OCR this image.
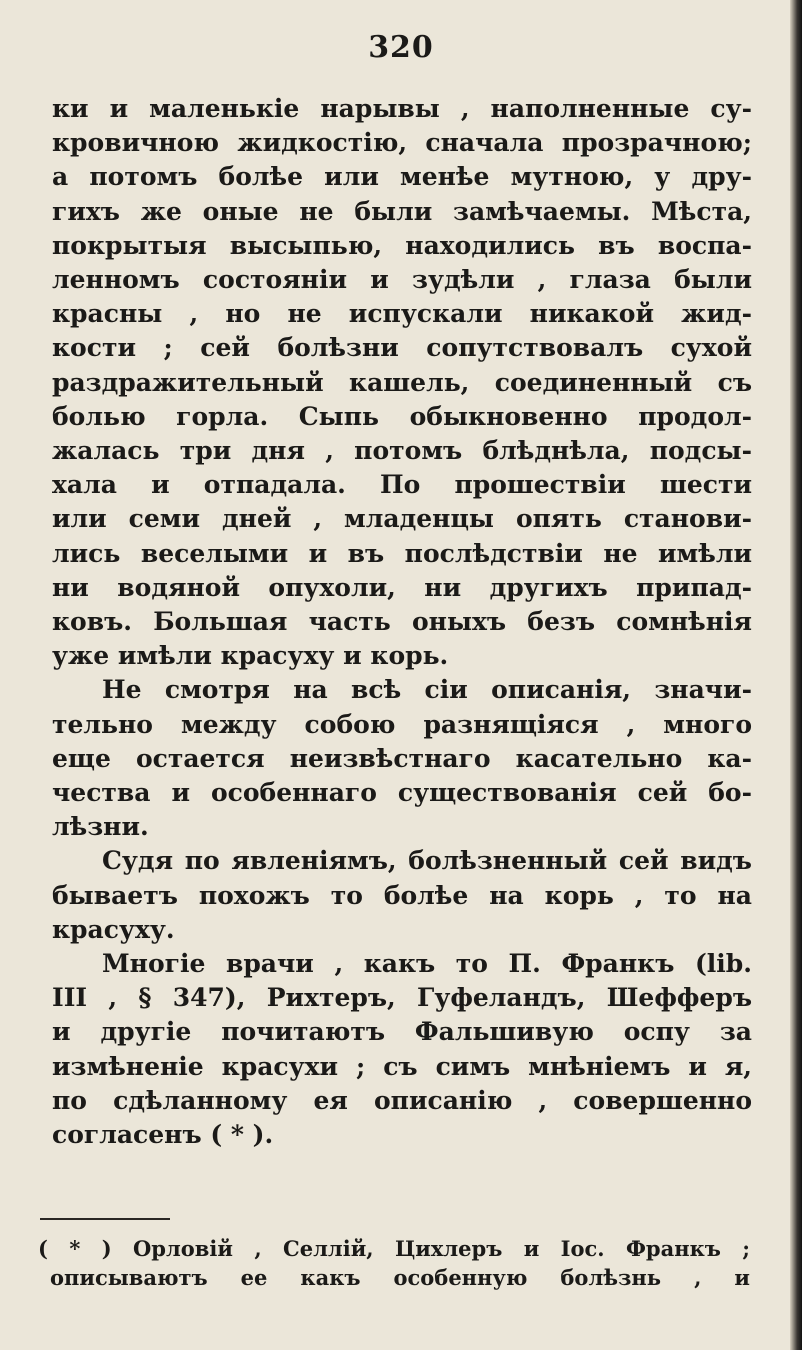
320
ки и маленькіе нарывы , наполненные су-
кровичною жидкостію, сначала прозрачною;
а потомъ болѣе или менѣе мутною, у дру-
гихъ же оные не были замѣчаемы. Мѣста,
покрытыя высыпью, находились въ воспа-
ленномъ состояніи и зудѣли , глаза были
красны , но не испускали никакой жид-
кости ; сей болѣзни сопутствовалъ сухой
раздражительный кашель, соединенный съ
болью горла. Сыпь обыкновенно продол-
жалась три дня , потомъ блѣднѣла, подсы-
хала и отпадала. По прошествіи шести
или семи дней , младенцы опять станови-
лись веселыми и въ послѣдствіи не имѣли
ни водяной опухоли, ни другихъ припад-
ковъ. Большая часть оныхъ безъ сомнѣнія
уже имѣли красуху и корь.
Не смотря на всѣ сіи описанія, значи-
тельно между собою разнящіяся , много
еще остается неизвѣстнаго касательно ка-
чества и особеннаго существованія сей бо-
лѣзни.
Судя по явленіямъ, болѣзненный сей видъ
бываетъ похожъ то болѣе на корь , то на
красуху.
Многіе врачи , какъ то П. Франкъ (lib.
III , § 347), Рихтеръ, Гуфеландъ, Шефферъ
и другіе почитаютъ Фальшивую оспу за
измѣненіе красухи ; съ симъ мнѣніемъ и я,
по сдѣланному ея описанію , совершенно
согласенъ ( * ).
( * ) Орловій , Селлій, Цихлеръ и Іос. Франкъ ;
описываютъ ее какъ особенную болѣзнь , и
